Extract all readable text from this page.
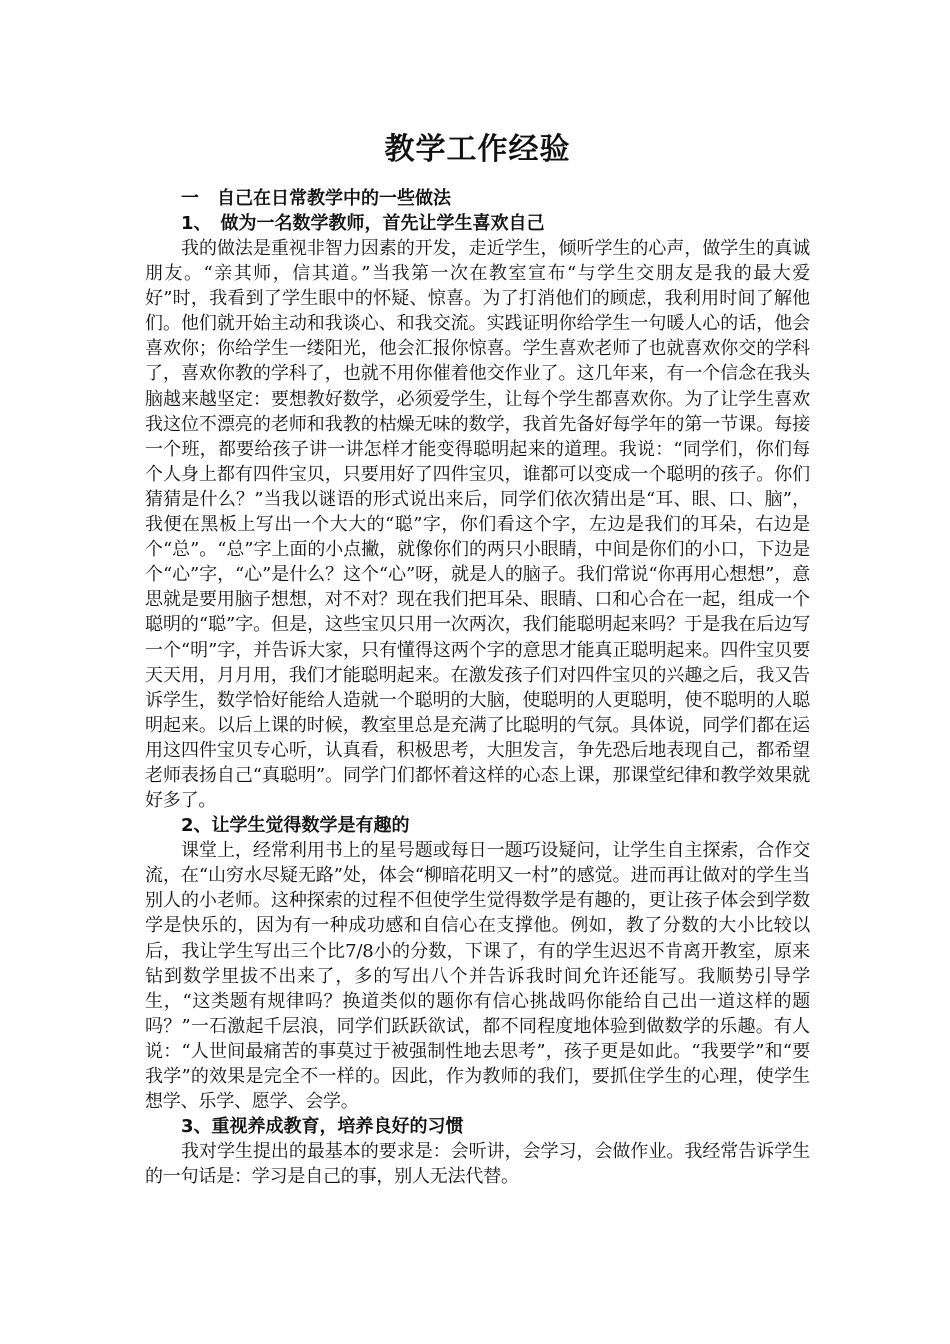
教学工作经验

一　自己在日常教学中的一些做法

1、　做为一名数学教师，首先让学生喜欢自己

我的做法是重视非智力因素的开发，走近学生，倾听学生的心声，做学生的真诚朋友。“亲其师，信其道。”当我第一次在教室宣布“与学生交朋友是我的最大爱好”时，我看到了学生眼中的怀疑、惊喜。为了打消他们的顾虑，我利用时间了解他们。他们就开始主动和我谈心、和我交流。实践证明你给学生一句暖人心的话，他会喜欢你；你给学生一缕阳光，他会汇报你惊喜。学生喜欢老师了也就喜欢你交的学科了，喜欢你教的学科了，也就不用你催着他交作业了。这几年来，有一个信念在我头脑越来越坚定：要想教好数学，必须爱学生，让每个学生都喜欢你。为了让学生喜欢我这位不漂亮的老师和我教的枯燥无味的数学，我首先备好每学年的第一节课。每接一个班，都要给孩子讲一讲怎样才能变得聪明起来的道理。我说：“同学们，你们每个人身上都有四件宝贝，只要用好了四件宝贝，谁都可以变成一个聪明的孩子。你们猜猜是什么？”当我以谜语的形式说出来后，同学们依次猜出是“耳、眼、口、脑”，我便在黑板上写出一个大大的“聪”字，你们看这个字，左边是我们的耳朵，右边是个“总”。“总”字上面的小点撇，就像你们的两只小眼睛，中间是你们的小口，下边是个“心”字，“心”是什么？这个“心”呀，就是人的脑子。我们常说“你再用心想想”，意思就是要用脑子想想，对不对？现在我们把耳朵、眼睛、口和心合在一起，组成一个聪明的“聪”字。但是，这些宝贝只用一次两次，我们能聪明起来吗？于是我在后边写一个“明”字，并告诉大家，只有懂得这两个字的意思才能真正聪明起来。四件宝贝要天天用，月月用，我们才能聪明起来。在激发孩子们对四件宝贝的兴趣之后，我又告诉学生，数学恰好能给人造就一个聪明的大脑，使聪明的人更聪明，使不聪明的人聪明起来。以后上课的时候，教室里总是充满了比聪明的气氛。具体说，同学们都在运用这四件宝贝专心听，认真看，积极思考，大胆发言，争先恐后地表现自己，都希望老师表扬自己“真聪明”。同学门们都怀着这样的心态上课，那课堂纪律和教学效果就好多了。

2、让学生觉得数学是有趣的

课堂上，经常利用书上的星号题或每日一题巧设疑问，让学生自主探索，合作交流，在“山穷水尽疑无路”处，体会“柳暗花明又一村”的感觉。进而再让做对的学生当别人的小老师。这种探索的过程不但使学生觉得数学是有趣的，更让孩子体会到学数学是快乐的，因为有一种成功感和自信心在支撑他。例如，教了分数的大小比较以后，我让学生写出三个比7/8小的分数，下课了，有的学生迟迟不肯离开教室，原来钻到数学里拔不出来了，多的写出八个并告诉我时间允许还能写。我顺势引导学生，“这类题有规律吗？换道类似的题你有信心挑战吗你能给自己出一道这样的题吗？”一石激起千层浪，同学们跃跃欲试，都不同程度地体验到做数学的乐趣。有人说：“人世间最痛苦的事莫过于被强制性地去思考”，孩子更是如此。“我要学”和“要我学”的效果是完全不一样的。因此，作为教师的我们，要抓住学生的心理，使学生想学、乐学、愿学、会学。

3、重视养成教育，培养良好的习惯

我对学生提出的最基本的要求是：会听讲，会学习，会做作业。我经常告诉学生的一句话是：学习是自己的事，别人无法代替。
